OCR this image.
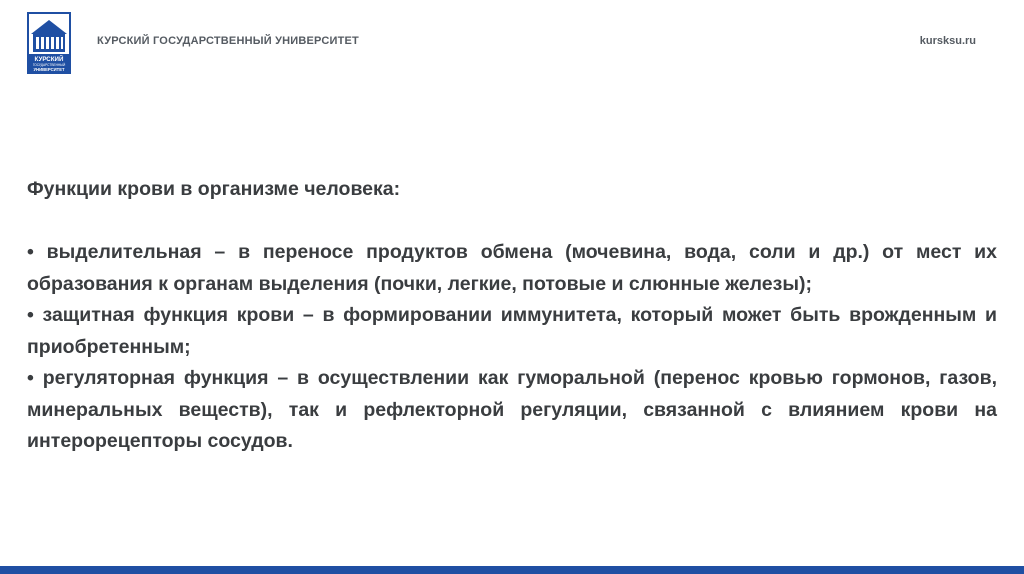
КУРСКИЙ
ГОСУДАРСТВЕННЫЙ
УНИВЕРСИТЕТ
КУРСКИЙ ГОСУДАРСТВЕННЫЙ УНИВЕРСИТЕТ	kursksu.ru

Функции крови в организме человека:

• выделительная – в переносе продуктов обмена (мочевина, вода, соли и др.) от мест их образования к органам выделения (почки, легкие, потовые и слюнные железы);

• защитная функция крови – в формировании иммунитета, который может быть врожденным и приобретенным;

• регуляторная функция – в осуществлении как гуморальной (перенос кровью гормонов, газов, минеральных веществ), так и рефлекторной регуляции, связанной с влиянием крови на интерорецепторы сосудов.
